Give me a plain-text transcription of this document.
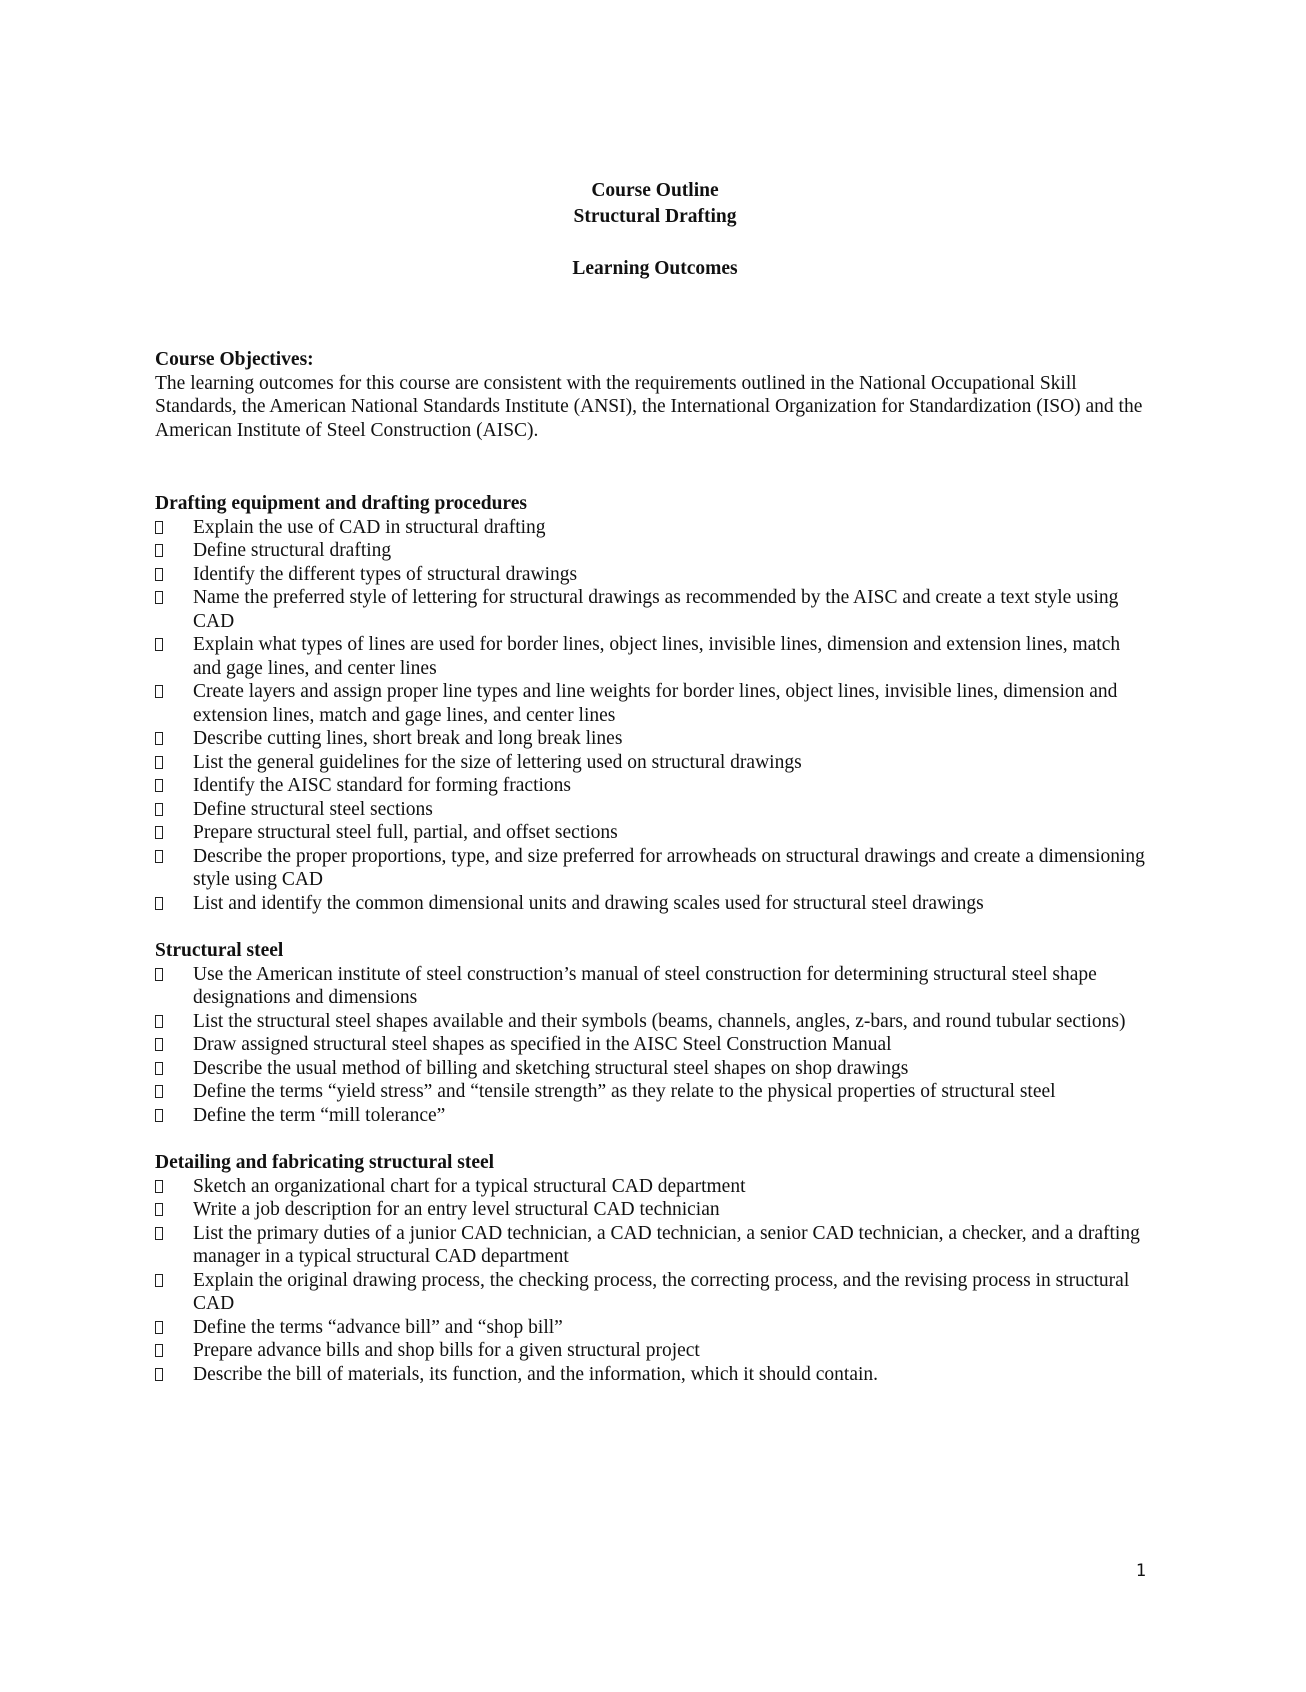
Course Outline
Structural Drafting
Learning Outcomes
Course Objectives:
The learning outcomes for this course are consistent with the requirements outlined in the National Occupational Skill Standards, the American National Standards Institute (ANSI), the International Organization for Standardization (ISO) and the American Institute of Steel Construction (AISC).
Drafting equipment and drafting procedures
Explain the use of CAD in structural drafting
Define structural drafting
Identify the different types of structural drawings
Name the preferred style of lettering for structural drawings as recommended by the AISC and create a text style using CAD
Explain what types of lines are used for border lines, object lines, invisible lines, dimension and extension lines, match and gage lines, and center lines
Create layers and assign proper line types and line weights for border lines, object lines, invisible lines, dimension and extension lines, match and gage lines, and center lines
Describe cutting lines, short break and long break lines
List the general guidelines for the size of lettering used on structural drawings
Identify the AISC standard for forming fractions
Define structural steel sections
Prepare structural steel full, partial, and offset sections
Describe the proper proportions, type, and size preferred for arrowheads on structural drawings and create a dimensioning style using CAD
List and identify the common dimensional units and drawing scales used for structural steel drawings
Structural steel
Use the American institute of steel construction’s manual of steel construction for determining structural steel shape designations and dimensions
List the structural steel shapes available and their symbols (beams, channels, angles, z-bars, and round tubular sections)
Draw assigned structural steel shapes as specified in the AISC Steel Construction Manual
Describe the usual method of billing and sketching structural steel shapes on shop drawings
Define the terms “yield stress” and “tensile strength” as they relate to the physical properties of structural steel
Define the term “mill tolerance”
Detailing and fabricating structural steel
Sketch an organizational chart for a typical structural CAD department
Write a job description for an entry level structural CAD technician
List the primary duties of a junior CAD technician, a CAD technician, a senior CAD technician, a checker, and a drafting manager in a typical structural CAD department
Explain the original drawing process, the checking process, the correcting process, and the revising process in structural CAD
Define the terms “advance bill” and “shop bill”
Prepare advance bills and shop bills for a given structural project
Describe the bill of materials, its function, and the information, which it should contain.
1
